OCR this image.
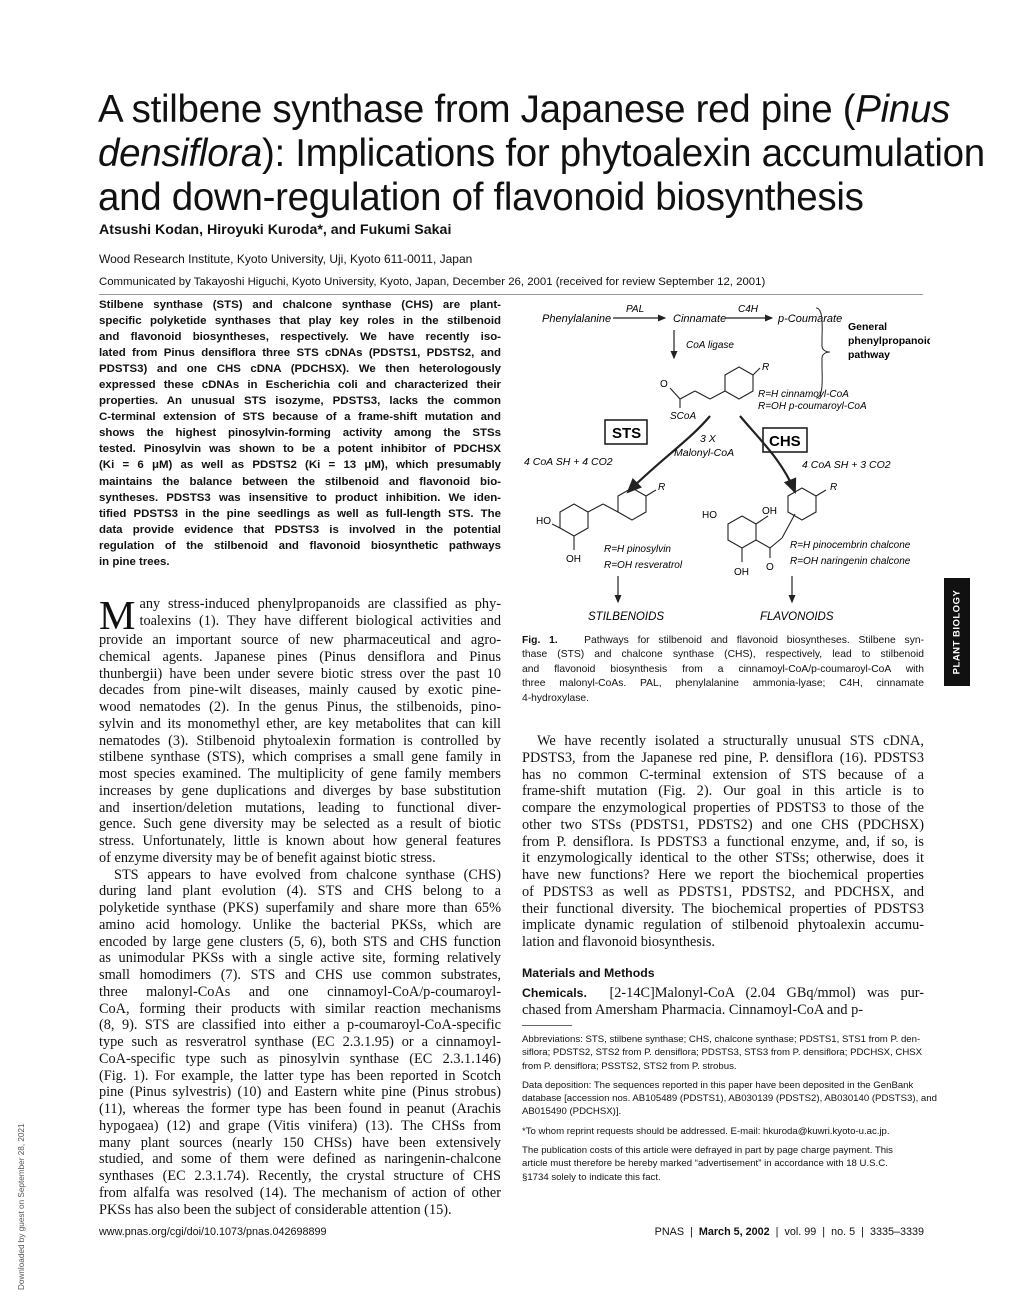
A stilbene synthase from Japanese red pine (Pinus
densiflora): Implications for phytoalexin accumulation
and down-regulation of flavonoid biosynthesis
Atsushi Kodan, Hiroyuki Kuroda*, and Fukumi Sakai
Wood Research Institute, Kyoto University, Uji, Kyoto 611-0011, Japan
Communicated by Takayoshi Higuchi, Kyoto University, Kyoto, Japan, December 26, 2001 (received for review September 12, 2001)
Stilbene synthase (STS) and chalcone synthase (CHS) are plant-
specific polyketide synthases that play key roles in the stilbenoid
and flavonoid biosyntheses, respectively. We have recently iso-
lated from Pinus densiflora three STS cDNAs (PDSTS1, PDSTS2, and
PDSTS3) and one CHS cDNA (PDCHSX). We then heterologously
expressed these cDNAs in Escherichia coli and characterized their
properties. An unusual STS isozyme, PDSTS3, lacks the common
C-terminal extension of STS because of a frame-shift mutation and
shows the highest pinosylvin-forming activity among the STSs
tested. Pinosylvin was shown to be a potent inhibitor of PDCHSX
(Ki = 6 μM) as well as PDSTS2 (Ki = 13 μM), which presumably
maintains the balance between the stilbenoid and flavonoid bio-
syntheses. PDSTS3 was insensitive to product inhibition. We iden-
tified PDSTS3 in the pine seedlings as well as full-length STS. The
data provide evidence that PDSTS3 is involved in the potential
regulation of the stilbenoid and flavonoid biosynthetic pathways
in pine trees.
M any stress-induced phenylpropanoids are classified as phy-
toalexins (1). They have different biological activities and
provide an important source of new pharmaceutical and agro-
chemical agents. Japanese pines (Pinus densiflora and Pinus
thunbergii) have been under severe biotic stress over the past 10
decades from pine-wilt diseases, mainly caused by exotic pine-
wood nematodes (2). In the genus Pinus, the stilbenoids, pino-
sylvin and its monomethyl ether, are key metabolites that can kill
nematodes (3). Stilbenoid phytoalexin formation is controlled by
stilbene synthase (STS), which comprises a small gene family in
most species examined. The multiplicity of gene family members
increases by gene duplications and diverges by base substitution
and insertion/deletion mutations, leading to functional diver-
gence. Such gene diversity may be selected as a result of biotic
stress. Unfortunately, little is known about how general features
of enzyme diversity may be of benefit against biotic stress.
STS appears to have evolved from chalcone synthase (CHS)
during land plant evolution (4). STS and CHS belong to a
polyketide synthase (PKS) superfamily and share more than 65%
amino acid homology. Unlike the bacterial PKSs, which are
encoded by large gene clusters (5, 6), both STS and CHS function
as unimodular PKSs with a single active site, forming relatively
small homodimers (7). STS and CHS use common substrates,
three malonyl-CoAs and one cinnamoyl-CoA/p-coumaroyl-
CoA, forming their products with similar reaction mechanisms
(8, 9). STS are classified into either a p-coumaroyl-CoA-specific
type such as resveratrol synthase (EC 2.3.1.95) or a cinnamoyl-
CoA-specific type such as pinosylvin synthase (EC 2.3.1.146)
(Fig. 1). For example, the latter type has been reported in Scotch
pine (Pinus sylvestris) (10) and Eastern white pine (Pinus strobus)
(11), whereas the former type has been found in peanut (Arachis
hypogaea) (12) and grape (Vitis vinifera) (13). The CHSs from
many plant sources (nearly 150 CHSs) have been extensively
studied, and some of them were defined as naringenin-chalcone
synthases (EC 2.3.1.74). Recently, the crystal structure of CHS
from alfalfa was resolved (14). The mechanism of action of other
PKSs has also been the subject of considerable attention (15).
Phenylalanine
PAL
Cinnamate
C4H
p-Coumarate
General
phenylpropanoid
pathway
CoA ligase
O
SCoA
R
R=H cinnamoyl-CoA
R=OH p-coumaroyl-CoA
STS	CHS
3 X
Malonyl-CoA
4 CoA SH + 4 CO2	4 CoA SH + 3 CO2
HO
OH
R
R=H pinosylvin
R=OH resveratrol
HO	OH
OH O
R
R=H pinocembrin chalcone
R=OH naringenin chalcone
STILBENOIDS	FLAVONOIDS
Fig. 1.	Pathways for stilbenoid and flavonoid biosyntheses. Stilbene syn-
thase (STS) and chalcone synthase (CHS), respectively, lead to stilbenoid
and flavonoid biosynthesis from a cinnamoyl-CoA/p-coumaroyl-CoA with
three malonyl-CoAs. PAL, phenylalanine ammonia-lyase; C4H, cinnamate
4-hydroxylase.
We have recently isolated a structurally unusual STS cDNA,
PDSTS3, from the Japanese red pine, P. densiflora (16). PDSTS3
has no common C-terminal extension of STS because of a
frame-shift mutation (Fig. 2). Our goal in this article is to
compare the enzymological properties of PDSTS3 to those of the
other two STSs (PDSTS1, PDSTS2) and one CHS (PDCHSX)
from P. densiflora. Is PDSTS3 a functional enzyme, and, if so, is
it enzymologically identical to the other STSs; otherwise, does it
have new functions? Here we report the biochemical properties
of PDSTS3 as well as PDSTS1, PDSTS2, and PDCHSX, and
their functional diversity. The biochemical properties of PDSTS3
implicate dynamic regulation of stilbenoid phytoalexin accumu-
lation and flavonoid biosynthesis.
Materials and Methods
Chemicals. [2-14C]Malonyl-CoA (2.04 GBq/mmol) was pur-
chased from Amersham Pharmacia. Cinnamoyl-CoA and p-
Abbreviations: STS, stilbene synthase; CHS, chalcone synthase; PDSTS1, STS1 from P. den-
siflora; PDSTS2, STS2 from P. densiflora; PDSTS3, STS3 from P. densiflora; PDCHSX, CHSX
from P. densiflora; PSSTS2, STS2 from P. strobus.
Data deposition: The sequences reported in this paper have been deposited in the GenBank
database [accession nos. AB105489 (PDSTS1), AB030139 (PDSTS2), AB030140 (PDSTS3), and
AB015490 (PDCHSX)].
*To whom reprint requests should be addressed. E-mail: hkuroda@kuwri.kyoto-u.ac.jp.
The publication costs of this article were defrayed in part by page charge payment. This
article must therefore be hereby marked “advertisement” in accordance with 18 U.S.C.
§1734 solely to indicate this fact.
www.pnas.org/cgi/doi/10.1073/pnas.042698899	PNAS  |  March 5, 2002  |  vol. 99  |  no. 5  |  3335–3339
PLANT BIOLOGY
Downloaded by guest on September 28, 2021
